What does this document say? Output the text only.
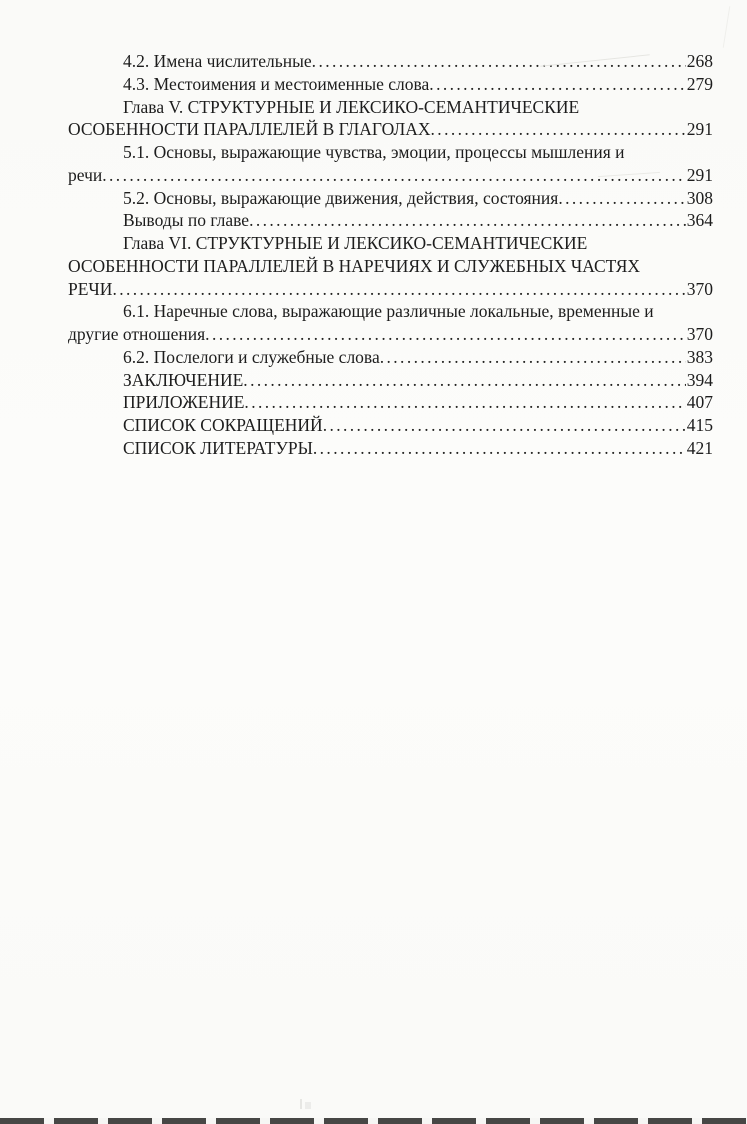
4.2. Имена числительные .....	268
4.3. Местоимения и местоименные слова .....	279
Глава V. СТРУКТУРНЫЕ И ЛЕКСИКО-СЕМАНТИЧЕСКИЕ
ОСОБЕННОСТИ ПАРАЛЛЕЛЕЙ В ГЛАГОЛАХ .....	291
5.1. Основы, выражающие чувства, эмоции, процессы мышления и
речи .....	291
5.2. Основы, выражающие движения, действия, состояния .....	308
Выводы по главе .....	364
Глава VI. СТРУКТУРНЫЕ И ЛЕКСИКО-СЕМАНТИЧЕСКИЕ
ОСОБЕННОСТИ ПАРАЛЛЕЛЕЙ В НАРЕЧИЯХ И СЛУЖЕБНЫХ ЧАСТЯХ
РЕЧИ .....	370
6.1. Наречные слова, выражающие различные локальные, временные и
другие отношения .....	370
6.2. Послелоги и служебные слова .....	383
ЗАКЛЮЧЕНИЕ .....	394
ПРИЛОЖЕНИЕ .....	407
СПИСОК СОКРАЩЕНИЙ .....	415
СПИСОК ЛИТЕРАТУРЫ .....	421
